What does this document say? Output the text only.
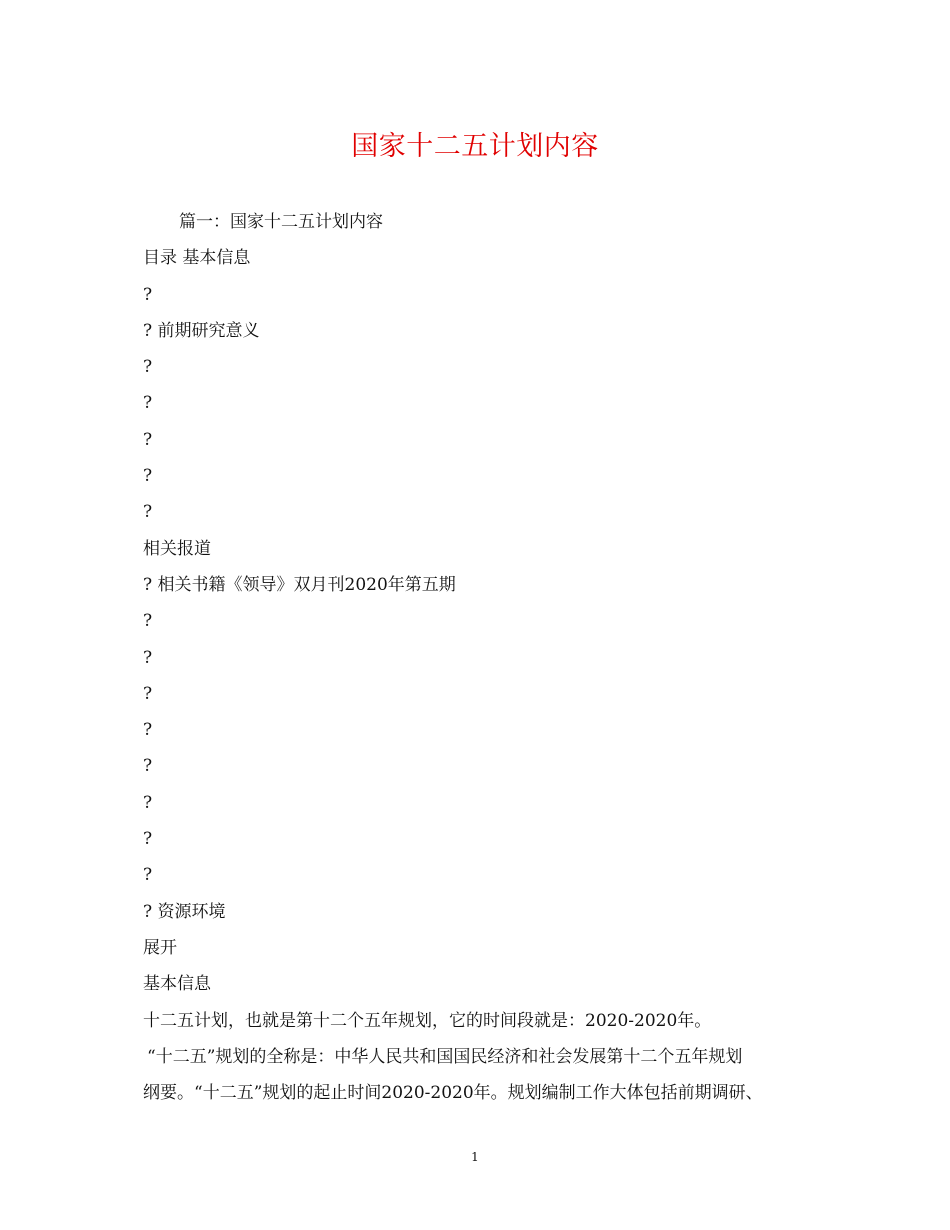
国家十二五计划内容
篇一：国家十二五计划内容
目录 基本信息
?
? 前期研究意义
?
?
?
?
?
相关报道
? 相关书籍《领导》双月刊2020年第五期
?
?
?
?
?
?
?
?
? 资源环境
展开
基本信息
十二五计划，也就是第十二个五年规划，它的时间段就是：2020-2020年。
“十二五”规划的全称是：中华人民共和国国民经济和社会发展第十二个五年规划
纲要。“十二五”规划的起止时间2020-2020年。规划编制工作大体包括前期调研、
1
